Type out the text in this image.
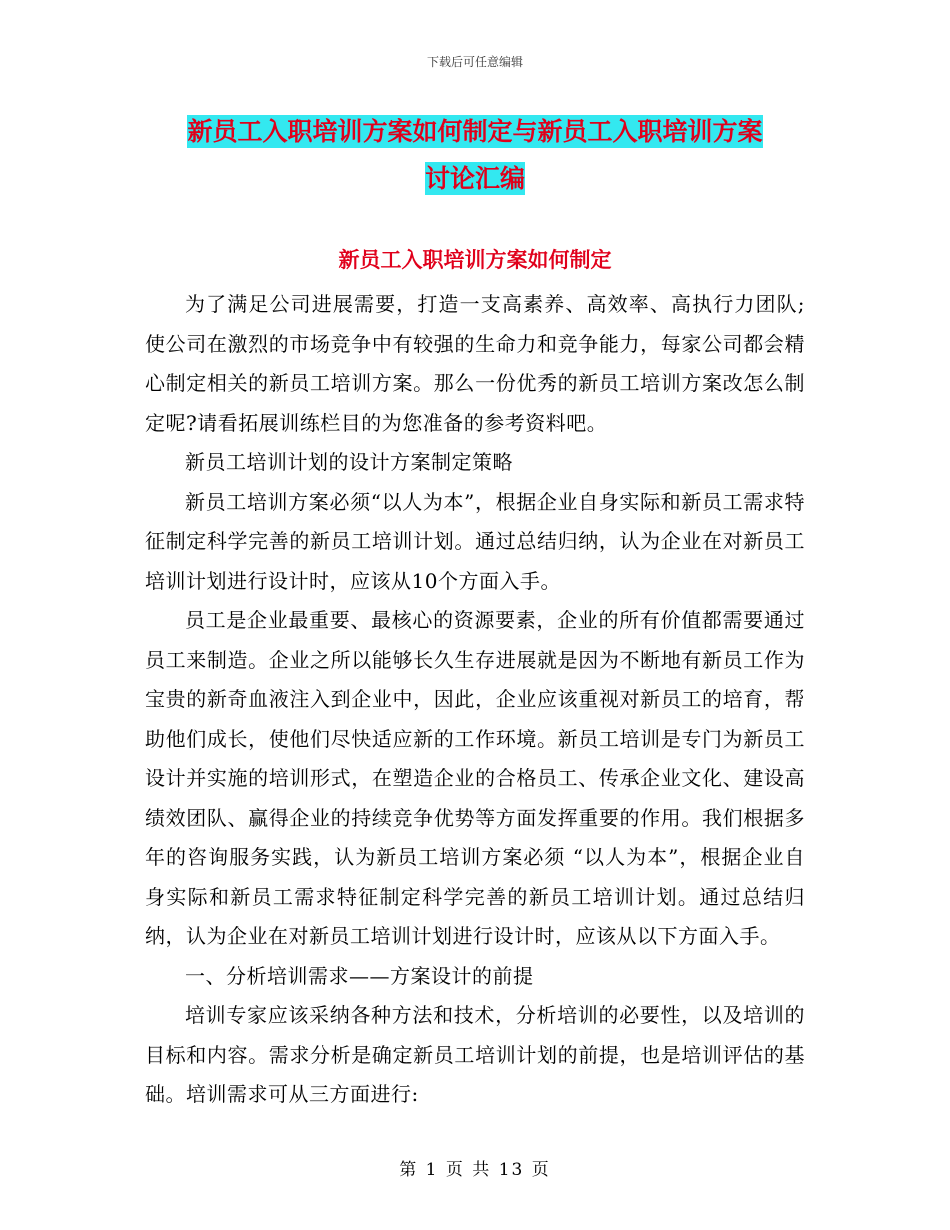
下载后可任意编辑
新员工入职培训方案如何制定与新员工入职培训方案
讨论汇编
新员工入职培训方案如何制定

为了满足公司进展需要，打造一支高素养、高效率、高执行力团队;使公司在激烈的市场竞争中有较强的生命力和竞争能力，每家公司都会精心制定相关的新员工培训方案。那么一份优秀的新员工培训方案改怎么制定呢?请看拓展训练栏目的为您准备的参考资料吧。

新员工培训计划的设计方案制定策略

新员工培训方案必须“以人为本”，根据企业自身实际和新员工需求特征制定科学完善的新员工培训计划。通过总结归纳，认为企业在对新员工培训计划进行设计时，应该从10个方面入手。

员工是企业最重要、最核心的资源要素，企业的所有价值都需要通过员工来制造。企业之所以能够长久生存进展就是因为不断地有新员工作为宝贵的新奇血液注入到企业中，因此，企业应该重视对新员工的培育，帮助他们成长，使他们尽快适应新的工作环境。新员工培训是专门为新员工设计并实施的培训形式，在塑造企业的合格员工、传承企业文化、建设高绩效团队、赢得企业的持续竞争优势等方面发挥重要的作用。我们根据多年的咨询服务实践，认为新员工培训方案必须 “以人为本”，根据企业自身实际和新员工需求特征制定科学完善的新员工培训计划。通过总结归纳，认为企业在对新员工培训计划进行设计时，应该从以下方面入手。

一、分析培训需求——方案设计的前提

培训专家应该采纳各种方法和技术，分析培训的必要性，以及培训的目标和内容。需求分析是确定新员工培训计划的前提，也是培训评估的基础。培训需求可从三方面进行:

第 1 页 共 13 页
